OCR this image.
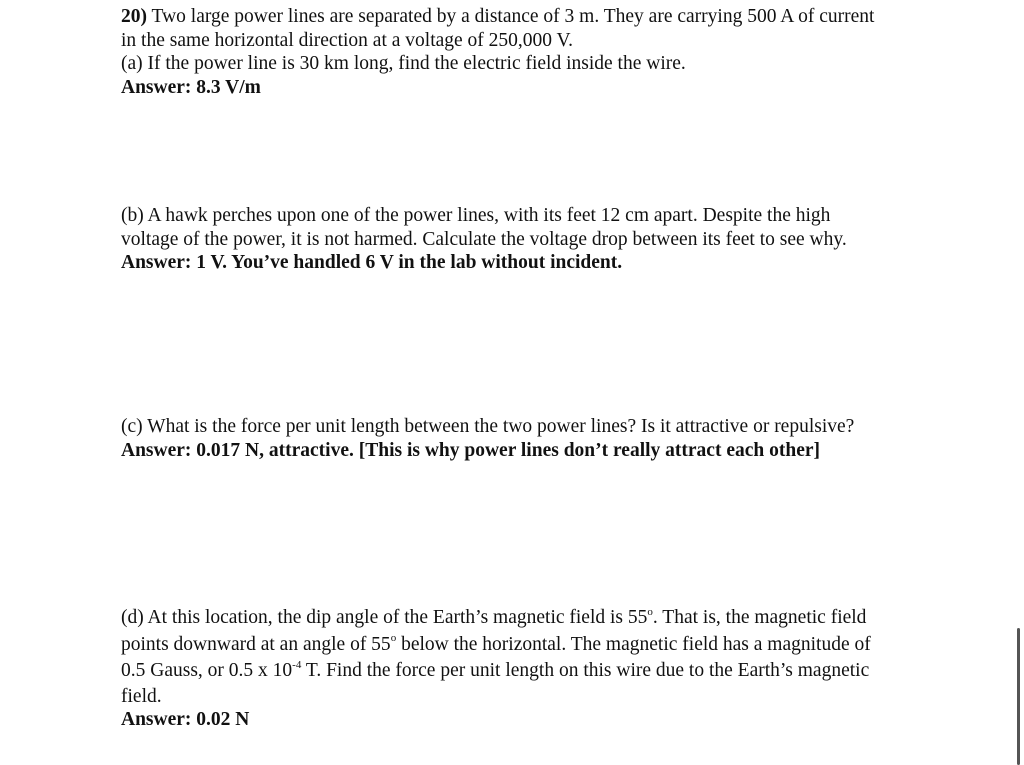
20) Two large power lines are separated by a distance of 3 m. They are carrying 500 A of current
in the same horizontal direction at a voltage of 250,000 V.
(a) If the power line is 30 km long, find the electric field inside the wire.
Answer: 8.3 V/m
(b) A hawk perches upon one of the power lines, with its feet 12 cm apart. Despite the high
voltage of the power, it is not harmed. Calculate the voltage drop between its feet to see why.
Answer: 1 V. You’ve handled 6 V in the lab without incident.
(c) What is the force per unit length between the two power lines? Is it attractive or repulsive?
Answer: 0.017 N, attractive. [This is why power lines don’t really attract each other]
(d) At this location, the dip angle of the Earth’s magnetic field is 55$^o$. That is, the magnetic field
points downward at an angle of 55$^o$ below the horizontal. The magnetic field has a magnitude of
0.5 Gauss, or 0.5 x $10^{-4}$ T. Find the force per unit length on this wire due to the Earth’s magnetic
field.
Answer: 0.02 N
